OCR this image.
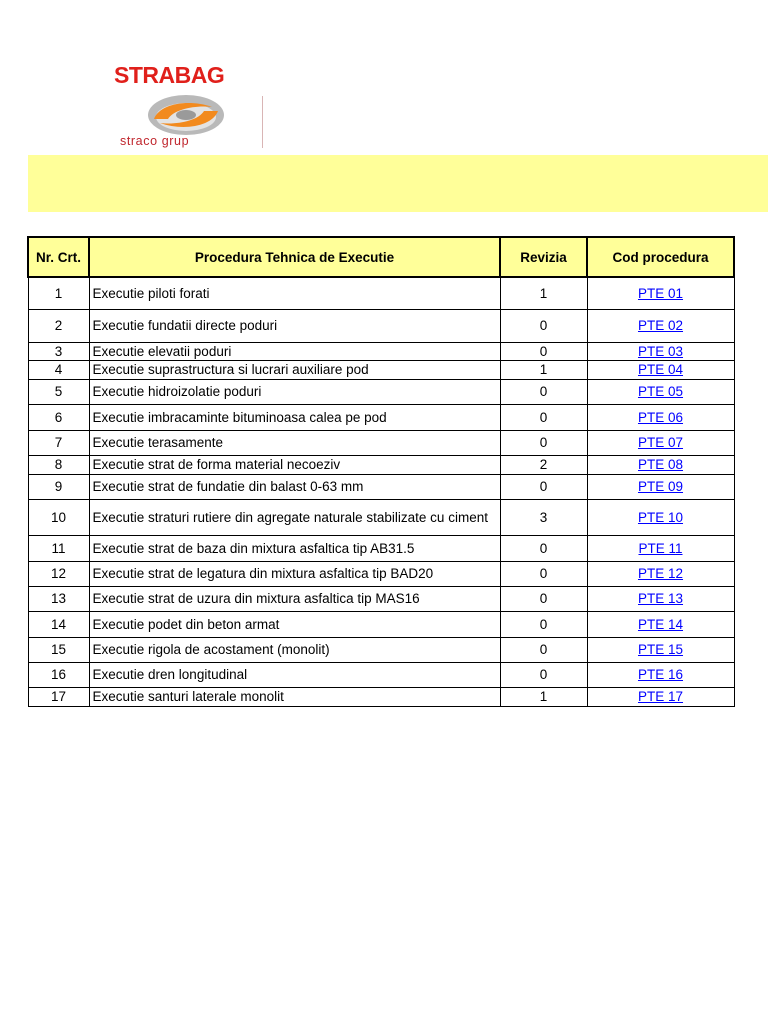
STRABAG
straco grup
Nr. Crt.	Procedura Tehnica de Executie	Revizia	Cod procedura
1	Executie piloti forati	1	PTE 01
2	Executie fundatii directe poduri	0	PTE 02
3	Executie elevatii poduri	0	PTE 03
4	Executie suprastructura si lucrari auxiliare pod	1	PTE 04
5	Executie hidroizolatie poduri	0	PTE 05
6	Executie imbracaminte bituminoasa calea pe pod	0	PTE 06
7	Executie terasamente	0	PTE 07
8	Executie strat de forma material necoeziv	2	PTE 08
9	Executie strat de fundatie din balast 0-63 mm	0	PTE 09
10	Executie straturi rutiere din agregate naturale stabilizate cu ciment	3	PTE 10
11	Executie strat de baza din mixtura asfaltica tip AB31.5	0	PTE 11
12	Executie strat de legatura din mixtura asfaltica tip BAD20	0	PTE 12
13	Executie strat de uzura din mixtura asfaltica tip MAS16	0	PTE 13
14	Executie podet din beton armat	0	PTE 14
15	Executie rigola de acostament (monolit)	0	PTE 15
16	Executie dren longitudinal	0	PTE 16
17	Executie santuri laterale monolit	1	PTE 17
